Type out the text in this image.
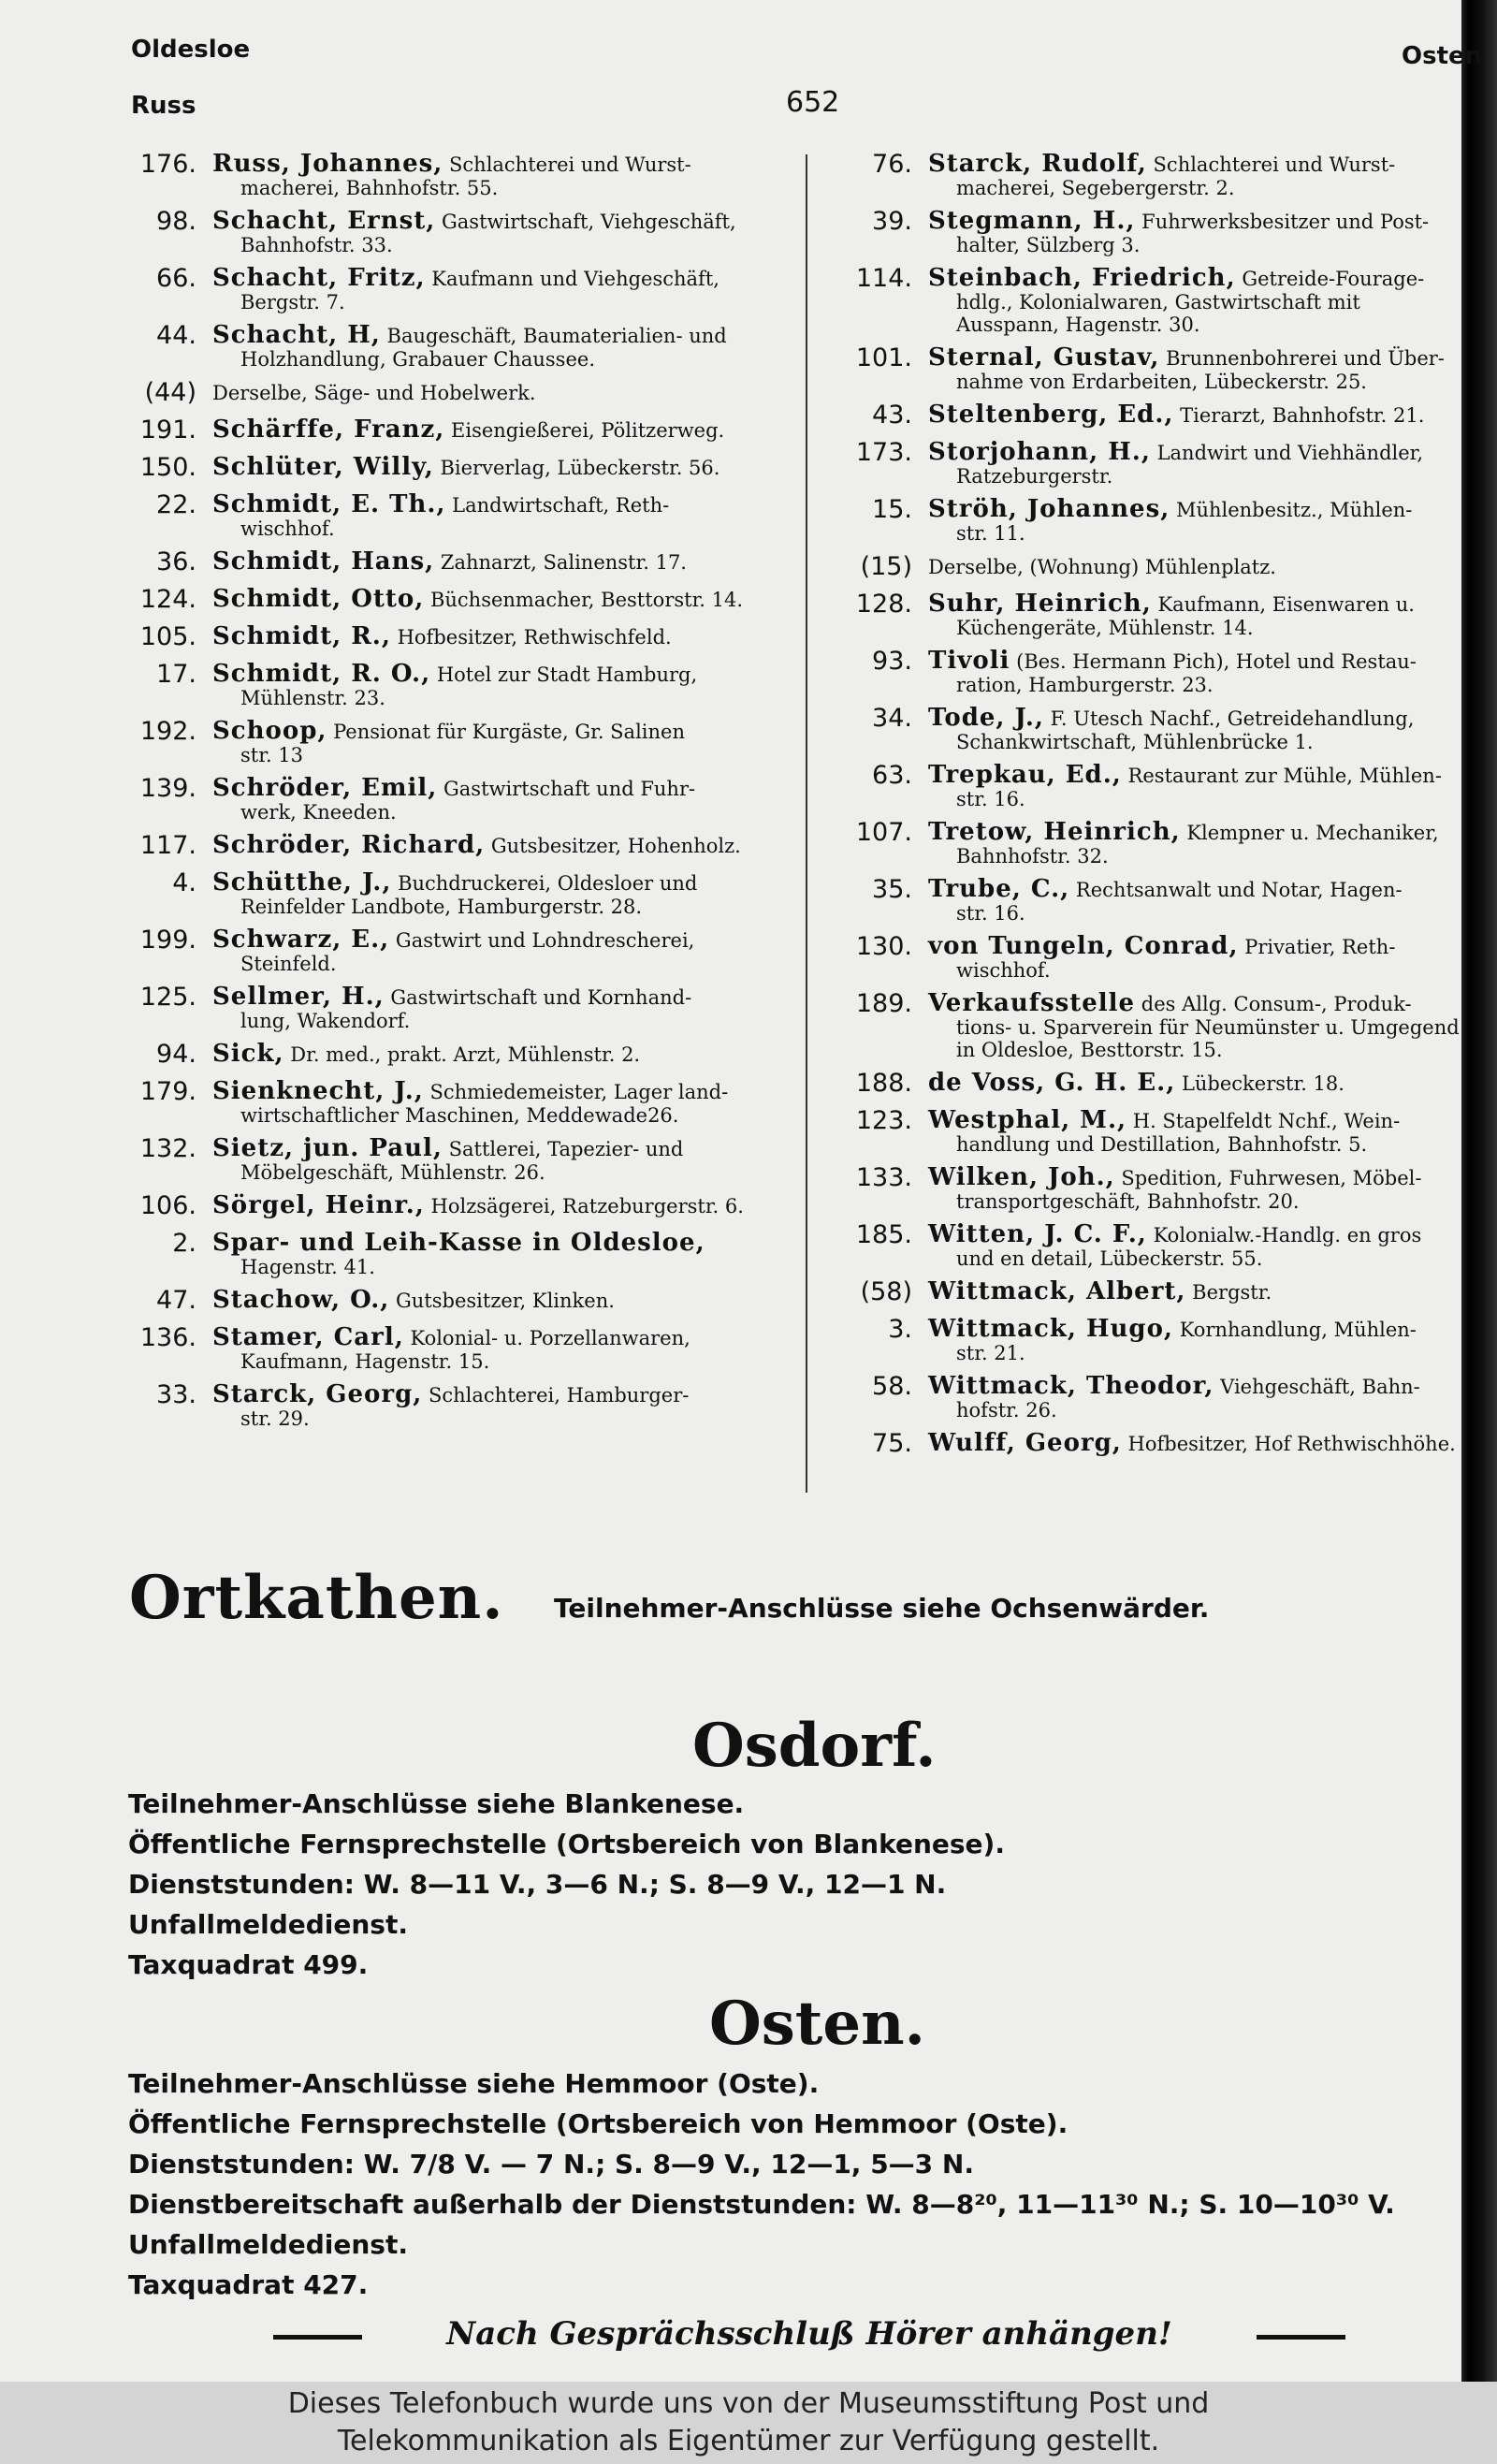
Oldesloe
Russ	652
Osten
176. Russ, Johannes, Schlachterei und Wurst-
macherei, Bahnhofstr. 55.
98. Schacht, Ernst, Gastwirtschaft, Viehgeschäft,
Bahnhofstr. 33.
66. Schacht, Fritz, Kaufmann und Viehgeschäft,
Bergstr. 7.
44. Schacht, H, Baugeschäft, Baumaterialien- und
Holzhandlung, Grabauer Chaussee.
(44) Derselbe, Säge- und Hobelwerk.
191. Schärffe, Franz, Eisengießerei, Pölitzerweg.
150. Schlüter, Willy, Bierverlag, Lübeckerstr. 56.
22. Schmidt, E. Th., Landwirtschaft, Reth-
wischhof.
36. Schmidt, Hans, Zahnarzt, Salinenstr. 17.
124. Schmidt, Otto, Büchsenmacher, Besttorstr. 14.
105. Schmidt, R., Hofbesitzer, Rethwischfeld.
17. Schmidt, R. O., Hotel zur Stadt Hamburg,
Mühlenstr. 23.
192. Schoop, Pensionat für Kurgäste, Gr. Salinen
str. 13
139. Schröder, Emil, Gastwirtschaft und Fuhr-
werk, Kneeden.
117. Schröder, Richard, Gutsbesitzer, Hohenholz.
4. Schütthe, J., Buchdruckerei, Oldesloer und
Reinfelder Landbote, Hamburgerstr. 28.
199. Schwarz, E., Gastwirt und Lohndrescherei,
Steinfeld.
125. Sellmer, H., Gastwirtschaft und Kornhand-
lung, Wakendorf.
94. Sick, Dr. med., prakt. Arzt, Mühlenstr. 2.
179. Sienknecht, J., Schmiedemeister, Lager land-
wirtschaftlicher Maschinen, Meddewade26.
132. Sietz, jun. Paul, Sattlerei, Tapezier- und
Möbelgeschäft, Mühlenstr. 26.
106. Sörgel, Heinr., Holzsägerei, Ratzeburgerstr. 6.
2. Spar- und Leih-Kasse in Oldesloe,
Hagenstr. 41.
47. Stachow, O., Gutsbesitzer, Klinken.
136. Stamer, Carl, Kolonial- u. Porzellanwaren,
Kaufmann, Hagenstr. 15.
33. Starck, Georg, Schlachterei, Hamburger-
str. 29.
76. Starck, Rudolf, Schlachterei und Wurst-
macherei, Segebergerstr. 2.
39. Stegmann, H., Fuhrwerksbesitzer und Post-
halter, Sülzberg 3.
114. Steinbach, Friedrich, Getreide-Fourage-
hdlg., Kolonialwaren, Gastwirtschaft mit Ausspann, Hagenstr. 30.
101. Sternal, Gustav, Brunnenbohrerei und Über-
nahme von Erdarbeiten, Lübeckerstr. 25.
43. Steltenberg, Ed., Tierarzt, Bahnhofstr. 21.
173. Storjohann, H., Landwirt und Viehhändler,
Ratzeburgerstr.
15. Ströh, Johannes, Mühlenbesitz., Mühlen-
str. 11.
(15) Derselbe, (Wohnung) Mühlenplatz.
128. Suhr, Heinrich, Kaufmann, Eisenwaren u.
Küchengeräte, Mühlenstr. 14.
93. Tivoli (Bes. Hermann Pich), Hotel und Restau-
ration, Hamburgerstr. 23.
34. Tode, J., F. Utesch Nachf., Getreidehandlung,
Schankwirtschaft, Mühlenbrücke 1.
63. Trepkau, Ed., Restaurant zur Mühle, Mühlen-
str. 16.
107. Tretow, Heinrich, Klempner u. Mechaniker,
Bahnhofstr. 32.
35. Trube, C., Rechtsanwalt und Notar, Hagen-
str. 16.
130. von Tungeln, Conrad, Privatier, Reth-
wischhof.
189. Verkaufsstelle des Allg. Consum-, Produk-
tions- u. Sparverein für Neumünster u. Umgegend in Oldesloe, Besttorstr. 15.
188. de Voss, G. H. E., Lübeckerstr. 18.
123. Westphal, M., H. Stapelfeldt Nchf., Wein-
handlung und Destillation, Bahnhofstr. 5.
133. Wilken, Joh., Spedition, Fuhrwesen, Möbel-
transportgeschäft, Bahnhofstr. 20.
185. Witten, J. C. F., Kolonialw.-Handlg. en gros
und en detail, Lübeckerstr. 55.
(58) Wittmack, Albert, Bergstr.
3. Wittmack, Hugo, Kornhandlung, Mühlen-
str. 21.
58. Wittmack, Theodor, Viehgeschäft, Bahn-
hofstr. 26.
75. Wulff, Georg, Hofbesitzer, Hof Rethwischhöhe.
Ortkathen. Teilnehmer-Anschlüsse siehe Ochsenwärder.
Osdorf.
Teilnehmer-Anschlüsse siehe Blankenese.
Öffentliche Fernsprechstelle (Ortsbereich von Blankenese).
Dienststunden: W. 8—11 V., 3—6 N.; S. 8—9 V., 12—1 N.
Unfallmeldedienst.
Taxquadrat 499.
Osten.
Teilnehmer-Anschlüsse siehe Hemmoor (Oste).
Öffentliche Fernsprechstelle (Ortsbereich von Hemmoor (Oste).
Dienststunden: W. 7/8 V. — 7 N.; S. 8—9 V., 12—1, 5—3 N.
Dienstbereitschaft außerhalb der Dienststunden: W. 8—8²⁰, 11—11³⁰ N.; S. 10—10³⁰ V.
Unfallmeldedienst.
Taxquadrat 427.
Nach Gesprächsschluß Hörer anhängen!
Dieses Telefonbuch wurde uns von der Museumsstiftung Post und
Telekommunikation als Eigentümer zur Verfügung gestellt.
